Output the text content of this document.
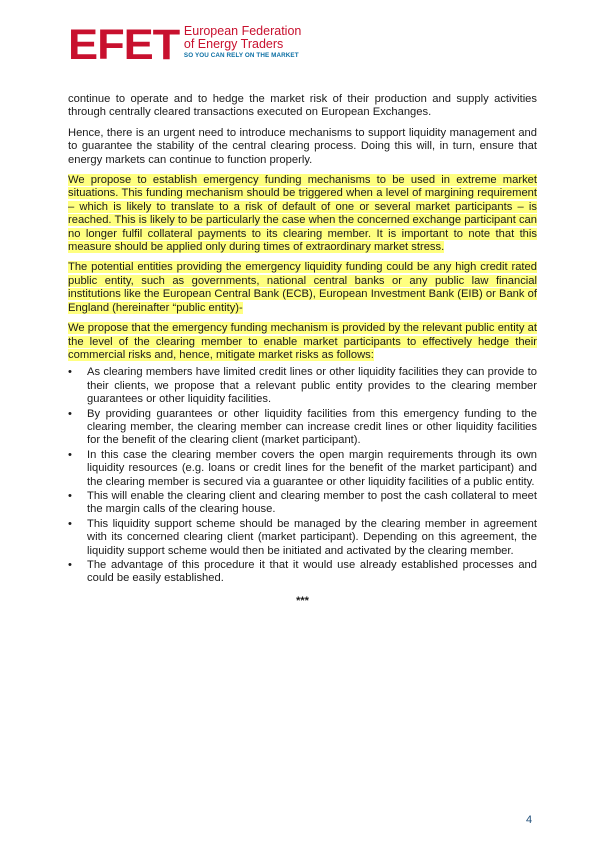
EFET European Federation
of Energy Traders
SO YOU CAN RELY ON THE MARKET

continue to operate and to hedge the market risk of their production and supply activities through centrally cleared transactions executed on European Exchanges.

Hence, there is an urgent need to introduce mechanisms to support liquidity management and to guarantee the stability of the central clearing process. Doing this will, in turn, ensure that energy markets can continue to function properly.

We propose to establish emergency funding mechanisms to be used in extreme market situations. This funding mechanism should be triggered when a level of margining requirement – which is likely to translate to a risk of default of one or several market participants – is reached. This is likely to be particularly the case when the concerned exchange participant can no longer fulfil collateral payments to its clearing member. It is important to note that this measure should be applied only during times of extraordinary market stress.

The potential entities providing the emergency liquidity funding could be any high credit rated public entity, such as governments, national central banks or any public law financial institutions like the European Central Bank (ECB), European Investment Bank (EIB) or Bank of England (hereinafter “public entity)-

We propose that the emergency funding mechanism is provided by the relevant public entity at the level of the clearing member to enable market participants to effectively hedge their commercial risks and, hence, mitigate market risks as follows:

• As clearing members have limited credit lines or other liquidity facilities they can provide to their clients, we propose that a relevant public entity provides to the clearing member guarantees or other liquidity facilities.
• By providing guarantees or other liquidity facilities from this emergency funding to the clearing member, the clearing member can increase credit lines or other liquidity facilities for the benefit of the clearing client (market participant).
• In this case the clearing member covers the open margin requirements through its own liquidity resources (e.g. loans or credit lines for the benefit of the market participant) and the clearing member is secured via a guarantee or other liquidity facilities of a public entity.
• This will enable the clearing client and clearing member to post the cash collateral to meet the margin calls of the clearing house.
• This liquidity support scheme should be managed by the clearing member in agreement with its concerned clearing client (market participant). Depending on this agreement, the liquidity support scheme would then be initiated and activated by the clearing member.
• The advantage of this procedure it that it would use already established processes and could be easily established.
***
4
